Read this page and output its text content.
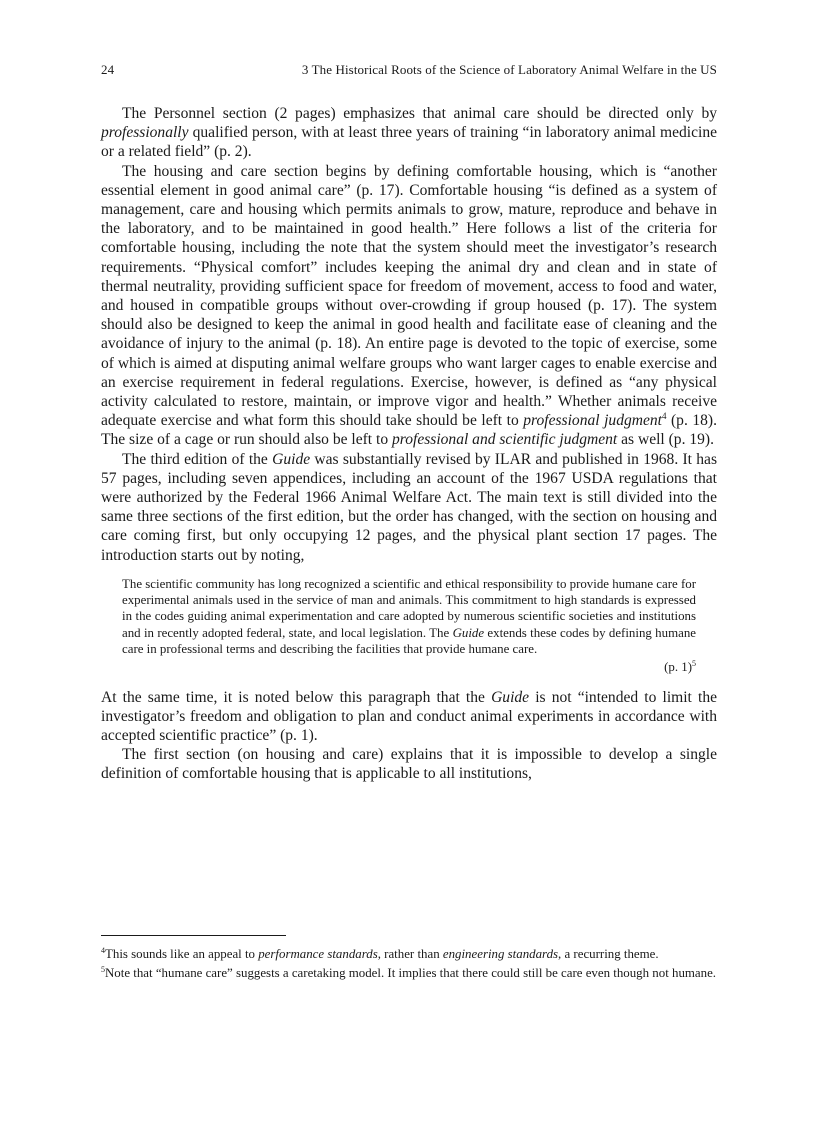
24	3 The Historical Roots of the Science of Laboratory Animal Welfare in the US

The Personnel section (2 pages) emphasizes that animal care should be directed only by professionally qualified person, with at least three years of training “in laboratory animal medicine or a related field” (p. 2).

The housing and care section begins by defining comfortable housing, which is “another essential element in good animal care” (p. 17). Comfortable housing “is defined as a system of management, care and housing which permits animals to grow, mature, reproduce and behave in the laboratory, and to be maintained in good health.” Here follows a list of the criteria for comfortable housing, including the note that the system should meet the investigator’s research requirements. “Physical comfort” includes keeping the animal dry and clean and in state of thermal neutrality, providing sufficient space for freedom of movement, access to food and water, and housed in compatible groups without over-crowding if group housed (p. 17). The system should also be designed to keep the animal in good health and facilitate ease of cleaning and the avoidance of injury to the animal (p. 18). An entire page is devoted to the topic of exercise, some of which is aimed at disputing animal welfare groups who want larger cages to enable exercise and an exercise requirement in federal regulations. Exercise, however, is defined as “any physical activity calculated to restore, maintain, or improve vigor and health.” Whether animals receive adequate exercise and what form this should take should be left to professional judgment$^4$ (p. 18). The size of a cage or run should also be left to professional and scientific judgment as well (p. 19).

The third edition of the Guide was substantially revised by ILAR and published in 1968. It has 57 pages, including seven appendices, including an account of the 1967 USDA regulations that were authorized by the Federal 1966 Animal Welfare Act. The main text is still divided into the same three sections of the first edition, but the order has changed, with the section on housing and care coming first, but only occupying 12 pages, and the physical plant section 17 pages. The introduction starts out by noting,

The scientific community has long recognized a scientific and ethical responsibility to provide humane care for experimental animals used in the service of man and animals. This commitment to high standards is expressed in the codes guiding animal experimentation and care adopted by numerous scientific societies and institutions and in recently adopted federal, state, and local legislation. The Guide extends these codes by defining humane care in professional terms and describing the facilities that provide humane care.
(p. 1)$^5$

At the same time, it is noted below this paragraph that the Guide is not “intended to limit the investigator’s freedom and obligation to plan and conduct animal experiments in accordance with accepted scientific practice” (p. 1).

The first section (on housing and care) explains that it is impossible to develop a single definition of comfortable housing that is applicable to all institutions,

$^4$This sounds like an appeal to performance standards, rather than engineering standards, a recurring theme.

$^5$Note that “humane care” suggests a caretaking model. It implies that there could still be care even though not humane.
